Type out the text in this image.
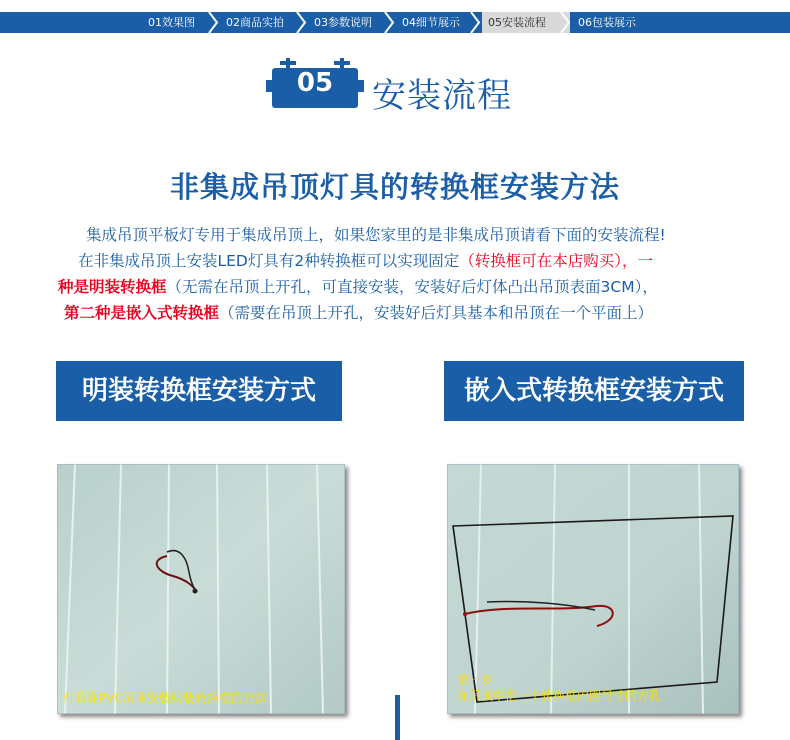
01效果图	02商品实拍	03参数说明	04细节展示	05安装流程	06包装展示
05	安装流程
非集成吊顶灯具的转换框安装方法

集成吊顶平板灯专用于集成吊顶上，如果您家里的是非集成吊顶请看下面的安装流程!

在非集成吊顶上安装LED灯具有2种转换框可以实现固定（转换框可在本店购买），一

种是明装转换框（无需在吊顶上开孔，可直接安装，安装好后灯体凸出吊顶表面3CM），

第二种是嵌入式转换框（需要在吊顶上开孔，安装好后灯具基本和吊顶在一个平面上）

明装转换框安装方式	嵌入式转换框安装方式
灯具在PVC吊顶安装明装转换框的方法
第一步
在吊顶中挖一个转换框内圈尺寸的方孔
